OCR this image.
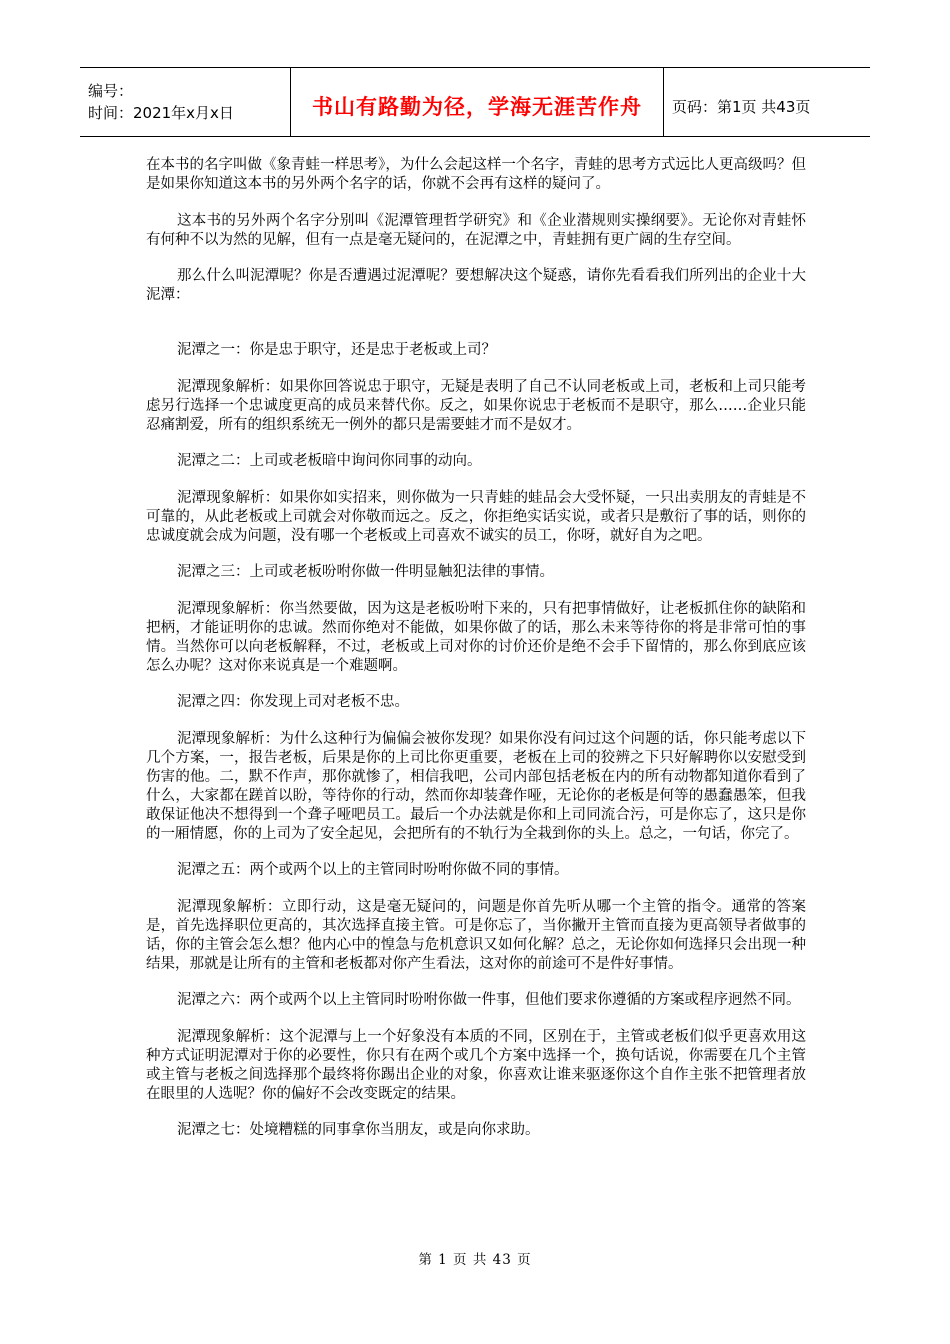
编号：
时间：2021年x月x日	书山有路勤为径，学海无涯苦作舟 页码：第1页 共43页

在本书的名字叫做《象青蛙一样思考》，为什么会起这样一个名字，青蛙的思考方式远比人更高级吗？但是如果你知道这本书的另外两个名字的话，你就不会再有这样的疑问了。

这本书的另外两个名字分别叫《泥潭管理哲学研究》和《企业潜规则实操纲要》。无论你对青蛙怀有何种不以为然的见解，但有一点是毫无疑问的，在泥潭之中，青蛙拥有更广阔的生存空间。

那么什么叫泥潭呢？你是否遭遇过泥潭呢？要想解决这个疑惑，请你先看看我们所列出的企业十大泥潭：

泥潭之一：你是忠于职守，还是忠于老板或上司？

泥潭现象解析：如果你回答说忠于职守，无疑是表明了自己不认同老板或上司，老板和上司只能考虑另行选择一个忠诚度更高的成员来替代你。反之，如果你说忠于老板而不是职守，那么……企业只能忍痛割爱，所有的组织系统无一例外的都只是需要蛙才而不是奴才。

泥潭之二：上司或老板暗中询问你同事的动向。

泥潭现象解析：如果你如实招来，则你做为一只青蛙的蛙品会大受怀疑，一只出卖朋友的青蛙是不可靠的，从此老板或上司就会对你敬而远之。反之，你拒绝实话实说，或者只是敷衍了事的话，则你的忠诚度就会成为问题，没有哪一个老板或上司喜欢不诚实的员工，你呀，就好自为之吧。

泥潭之三：上司或老板吩咐你做一件明显触犯法律的事情。

泥潭现象解析：你当然要做，因为这是老板吩咐下来的，只有把事情做好，让老板抓住你的缺陷和把柄，才能证明你的忠诚。然而你绝对不能做，如果你做了的话，那么未来等待你的将是非常可怕的事情。当然你可以向老板解释，不过，老板或上司对你的讨价还价是绝不会手下留情的，那么你到底应该怎么办呢？这对你来说真是一个难题啊。

泥潭之四：你发现上司对老板不忠。

泥潭现象解析：为什么这种行为偏偏会被你发现？如果你没有问过这个问题的话，你只能考虑以下几个方案，一，报告老板，后果是你的上司比你更重要，老板在上司的狡辨之下只好解聘你以安慰受到伤害的他。二，默不作声，那你就惨了，相信我吧，公司内部包括老板在内的所有动物都知道你看到了什么，大家都在蹉首以盼，等待你的行动，然而你却装聋作哑，无论你的老板是何等的愚蠢愚笨，但我敢保证他决不想得到一个聋子哑吧员工。最后一个办法就是你和上司同流合污，可是你忘了，这只是你的一厢情愿，你的上司为了安全起见，会把所有的不轨行为全栽到你的头上。总之，一句话，你完了。

泥潭之五：两个或两个以上的主管同时吩咐你做不同的事情。

泥潭现象解析：立即行动，这是毫无疑问的，问题是你首先听从哪一个主管的指令。通常的答案是，首先选择职位更高的，其次选择直接主管。可是你忘了，当你撇开主管而直接为更高领导者做事的话，你的主管会怎么想？他内心中的惶急与危机意识又如何化解？总之，无论你如何选择只会出现一种结果，那就是让所有的主管和老板都对你产生看法，这对你的前途可不是件好事情。

泥潭之六：两个或两个以上主管同时吩咐你做一件事，但他们要求你遵循的方案或程序迥然不同。

泥潭现象解析：这个泥潭与上一个好象没有本质的不同，区别在于，主管或老板们似乎更喜欢用这种方式证明泥潭对于你的必要性，你只有在两个或几个方案中选择一个，换句话说，你需要在几个主管或主管与老板之间选择那个最终将你踢出企业的对象，你喜欢让谁来驱逐你这个自作主张不把管理者放在眼里的人选呢？你的偏好不会改变既定的结果。

泥潭之七：处境糟糕的同事拿你当朋友，或是向你求助。

第 1 页 共 43 页
